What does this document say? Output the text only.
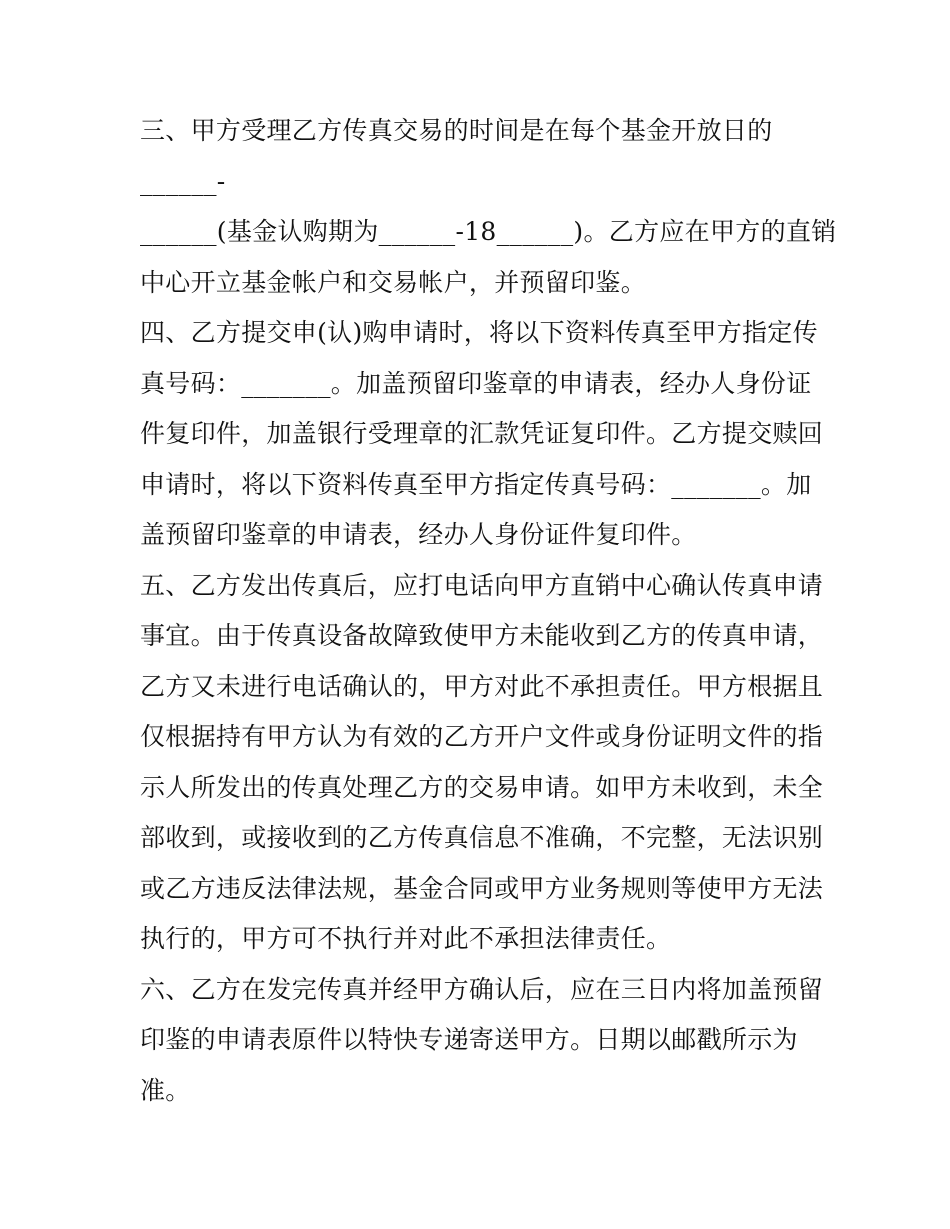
三、甲方受理乙方传真交易的时间是在每个基金开放日的
______-
______(基金认购期为______-18______)。乙方应在甲方的直销
中心开立基金帐户和交易帐户，并预留印鉴。
四、乙方提交申(认)购申请时，将以下资料传真至甲方指定传
真号码：_______。加盖预留印鉴章的申请表，经办人身份证
件复印件，加盖银行受理章的汇款凭证复印件。乙方提交赎回
申请时，将以下资料传真至甲方指定传真号码：_______。加
盖预留印鉴章的申请表，经办人身份证件复印件。
五、乙方发出传真后，应打电话向甲方直销中心确认传真申请
事宜。由于传真设备故障致使甲方未能收到乙方的传真申请，
乙方又未进行电话确认的，甲方对此不承担责任。甲方根据且
仅根据持有甲方认为有效的乙方开户文件或身份证明文件的指
示人所发出的传真处理乙方的交易申请。如甲方未收到，未全
部收到，或接收到的乙方传真信息不准确，不完整，无法识别
或乙方违反法律法规，基金合同或甲方业务规则等使甲方无法
执行的，甲方可不执行并对此不承担法律责任。
六、乙方在发完传真并经甲方确认后，应在三日内将加盖预留
印鉴的申请表原件以特快专递寄送甲方。日期以邮戳所示为
准。
